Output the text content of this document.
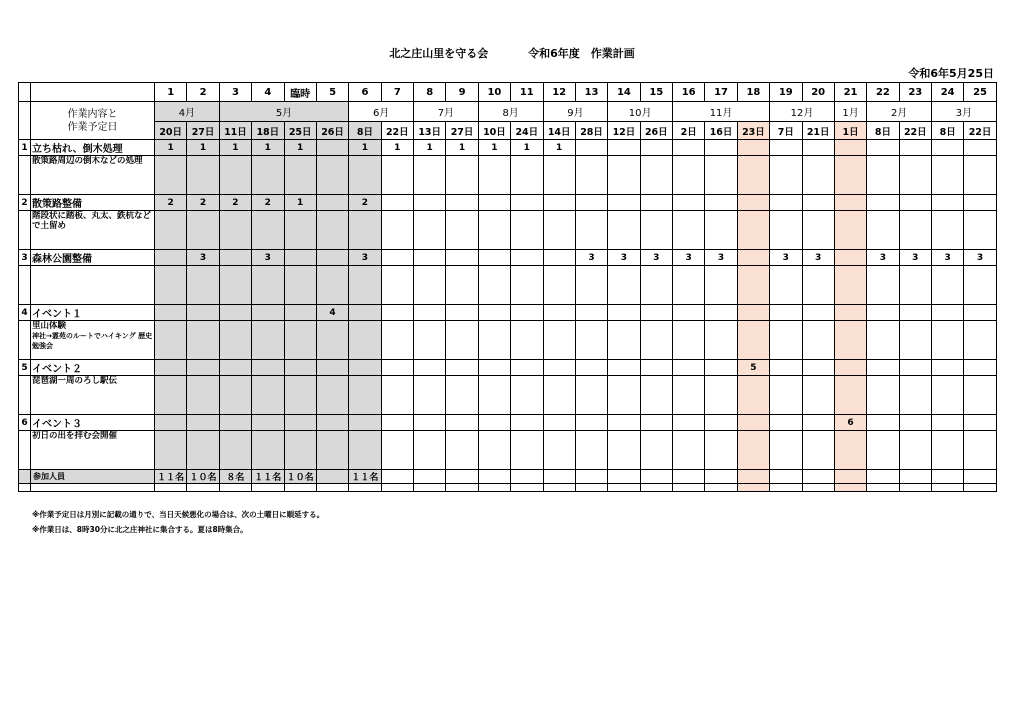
北之庄山里を守る会	令和6年度　作業計画
令和6年5月25日
		1	2	3	4	臨時	5	6	7	8	9	10	11	12	13	14	15	16	17	18	19	20	21	22	23	24	25

	作業内容と
作業予定日	4月		5月				6月		7月		8月		9月		10月		11月			12月		1月	2月		3月	
		20日	27日	11日	18日	25日	26日	8日	22日	13日	27日	10日	24日	14日	28日	12日	26日	2日	16日	23日	7日	21日	1日	8日	22日	8日	22日
1	立ち枯れ、倒木処理	1	1	1	1	1		1	1	1	1	1	1	1													

	散策路周辺の倒木などの処理																										

2	散策路整備	2	2	2	2	1		2																			

	階段状に踏板、丸太、鉄杭などで土留め																										

3	森林公園整備		3		3			3							3	3	3	3	3		3	3		3	3	3	3

4	イベント１						4																				

	里山体験
神社→霊苑のルートでハイキング 歴史勉強会																										

5	イベント２																			5							

	琵琶湖一周のろし駅伝																										

6	イベント３																						6				

	初日の出を拝む会開催																										

	参加人員	１１名	１０名	８名	１１名	１０名		１１名																			

※作業予定日は月別に記載の通りで、当日天候悪化の場合は、次の土曜日に順延する。
※作業日は、8時30分に北之庄神社に集合する。夏は8時集合。
